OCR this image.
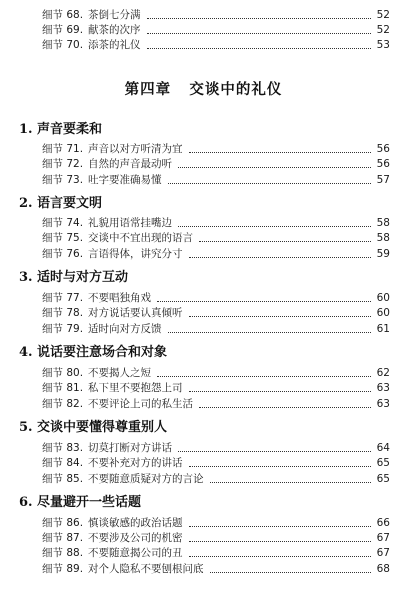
细节 68. 茶倒七分满	52
细节 69. 献茶的次序	52
细节 70. 添茶的礼仪	53
第四章 交谈中的礼仪
1. 声音要柔和
细节 71. 声音以对方听清为宜	56
细节 72. 自然的声音最动听	56
细节 73. 吐字要准确易懂	57
2. 语言要文明
细节 74. 礼貌用语常挂嘴边	58
细节 75. 交谈中不宜出现的语言	58
细节 76. 言语得体，讲究分寸	59
3. 适时与对方互动
细节 77. 不要唱独角戏	60
细节 78. 对方说话要认真倾听	60
细节 79. 适时向对方反馈	61
4. 说话要注意场合和对象
细节 80. 不要揭人之短	62
细节 81. 私下里不要抱怨上司	63
细节 82. 不要评论上司的私生活	63
5. 交谈中要懂得尊重别人
细节 83. 切莫打断对方讲话	64
细节 84. 不要补充对方的讲话	65
细节 85. 不要随意质疑对方的言论	65
6. 尽量避开一些话题
细节 86. 慎谈敏感的政治话题	66
细节 87. 不要涉及公司的机密	67
细节 88. 不要随意揭公司的丑	67
细节 89. 对个人隐私不要刨根问底	68
